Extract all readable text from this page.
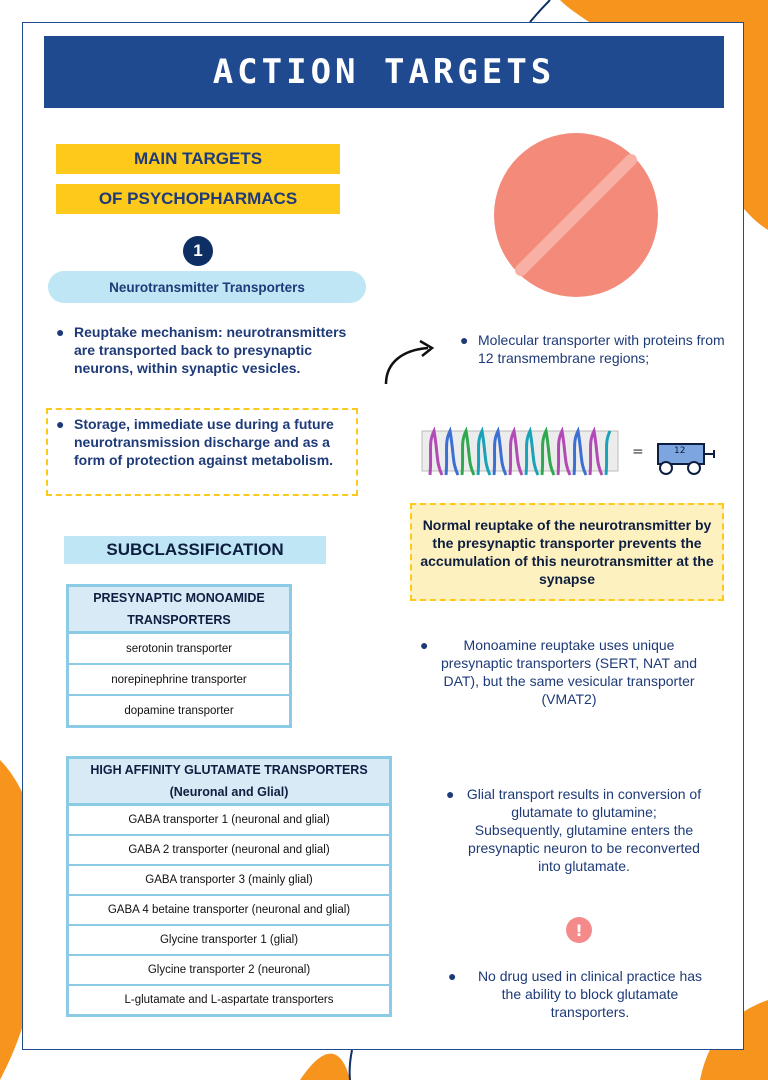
ACTION TARGETS
MAIN TARGETS
OF PSYCHOPHARMACS
1
Neurotransmitter Transporters
● Reuptake mechanism: neurotransmitters are transported back to presynaptic neurons, within synaptic vesicles.
● Storage, immediate use during a future neurotransmission discharge and as a form of protection against metabolism.
● Molecular transporter with proteins from 12 transmembrane regions;
=	12
Normal reuptake of the neurotransmitter by the presynaptic transporter prevents the accumulation of this neurotransmitter at the synapse
●	Monoamine reuptake uses unique presynaptic transporters (SERT, NAT and DAT), but the same vesicular transporter (VMAT2)
SUBCLASSIFICATION
PRESYNAPTIC MONOAMIDE
TRANSPORTERS

serotonin transporter
norepinephrine transporter
dopamine transporter
HIGH AFFINITY GLUTAMATE TRANSPORTERS
(Neuronal and Glial)

GABA transporter 1 (neuronal and glial)
GABA 2 transporter (neuronal and glial)
GABA transporter 3 (mainly glial)
GABA 4 betaine transporter (neuronal and glial)
Glycine transporter 1 (glial)
Glycine transporter 2 (neuronal)
L-glutamate and L-aspartate transporters
● Glial transport results in conversion of glutamate to glutamine; Subsequently, glutamine enters the presynaptic neuron to be reconverted into glutamate.
!
● No drug used in clinical practice has the ability to block glutamate transporters.
